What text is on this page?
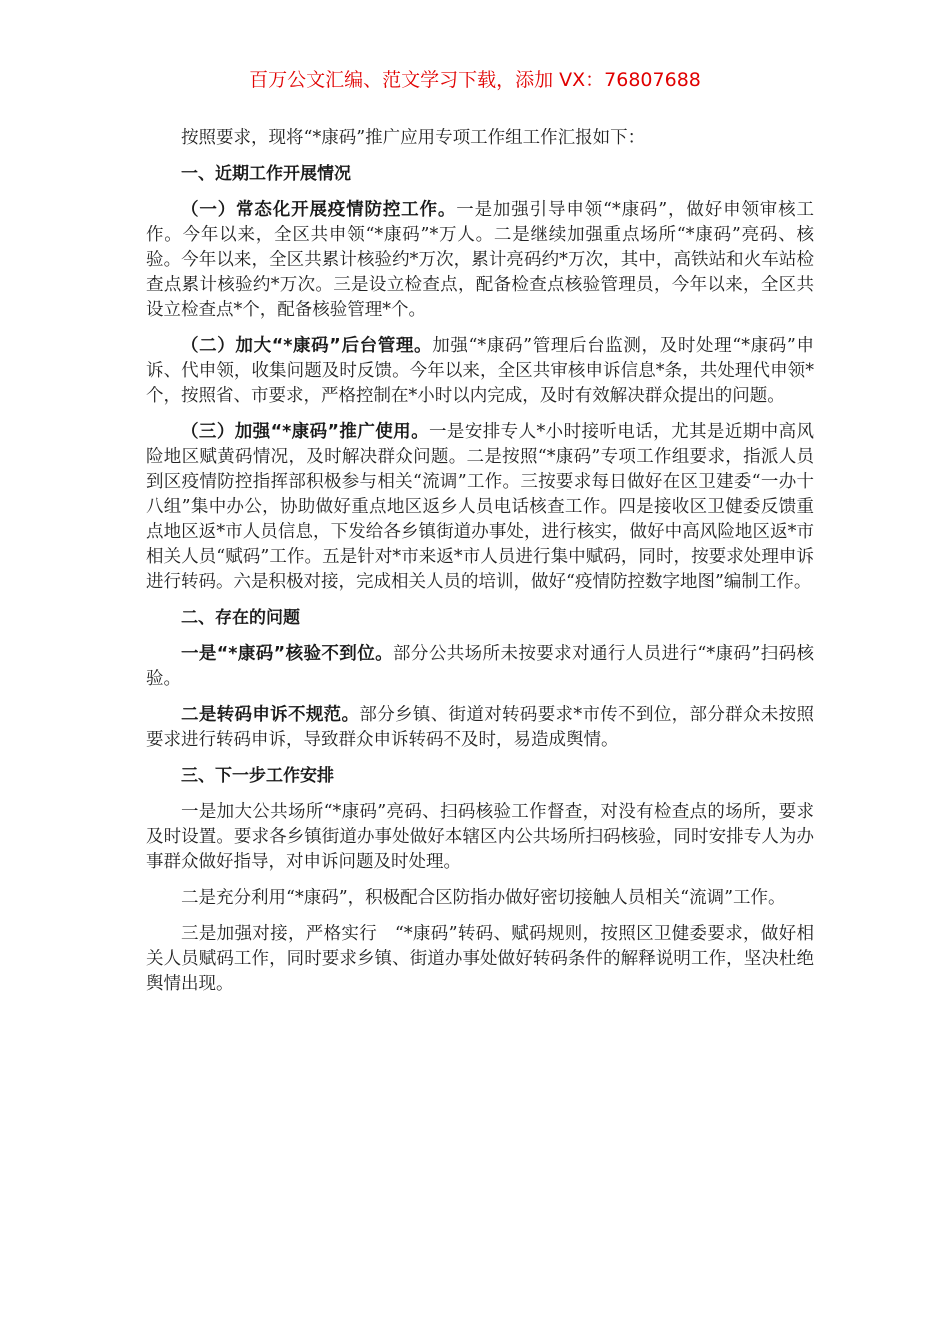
百万公文汇编、范文学习下载，添加 VX：76807688

按照要求，现将“*康码”推广应用专项工作组工作汇报如下：

一、近期工作开展情况

（一）常态化开展疫情防控工作。一是加强引导申领“*康码”，做好申领审核工作。今年以来，全区共申领“*康码”*万人。二是继续加强重点场所“*康码”亮码、核验。今年以来，全区共累计核验约*万次，累计亮码约*万次，其中，高铁站和火车站检查点累计核验约*万次。三是设立检查点，配备检查点核验管理员，今年以来，全区共设立检查点*个，配备核验管理*个。

（二）加大“*康码”后台管理。加强“*康码”管理后台监测，及时处理“*康码”申诉、代申领，收集问题及时反馈。今年以来，全区共审核申诉信息*条，共处理代申领*个，按照省、市要求，严格控制在*小时以内完成，及时有效解决群众提出的问题。

（三）加强“*康码”推广使用。一是安排专人*小时接听电话，尤其是近期中高风险地区赋黄码情况，及时解决群众问题。二是按照“*康码”专项工作组要求，指派人员到区疫情防控指挥部积极参与相关“流调”工作。三按要求每日做好在区卫建委“一办十八组”集中办公，协助做好重点地区返乡人员电话核查工作。四是接收区卫健委反馈重点地区返*市人员信息，下发给各乡镇街道办事处，进行核实，做好中高风险地区返*市相关人员“赋码”工作。五是针对*市来返*市人员进行集中赋码，同时，按要求处理申诉进行转码。六是积极对接，完成相关人员的培训，做好“疫情防控数字地图”编制工作。

二、存在的问题

一是“*康码”核验不到位。部分公共场所未按要求对通行人员进行“*康码”扫码核验。

二是转码申诉不规范。部分乡镇、街道对转码要求*市传不到位，部分群众未按照要求进行转码申诉，导致群众申诉转码不及时，易造成舆情。

三、下一步工作安排

一是加大公共场所“*康码”亮码、扫码核验工作督查，对没有检查点的场所，要求及时设置。要求各乡镇街道办事处做好本辖区内公共场所扫码核验，同时安排专人为办事群众做好指导，对申诉问题及时处理。

二是充分利用“*康码”，积极配合区防指办做好密切接触人员相关“流调”工作。

三是加强对接，严格实行　“*康码”转码、赋码规则，按照区卫健委要求，做好相关人员赋码工作，同时要求乡镇、街道办事处做好转码条件的解释说明工作，坚决杜绝舆情出现。
